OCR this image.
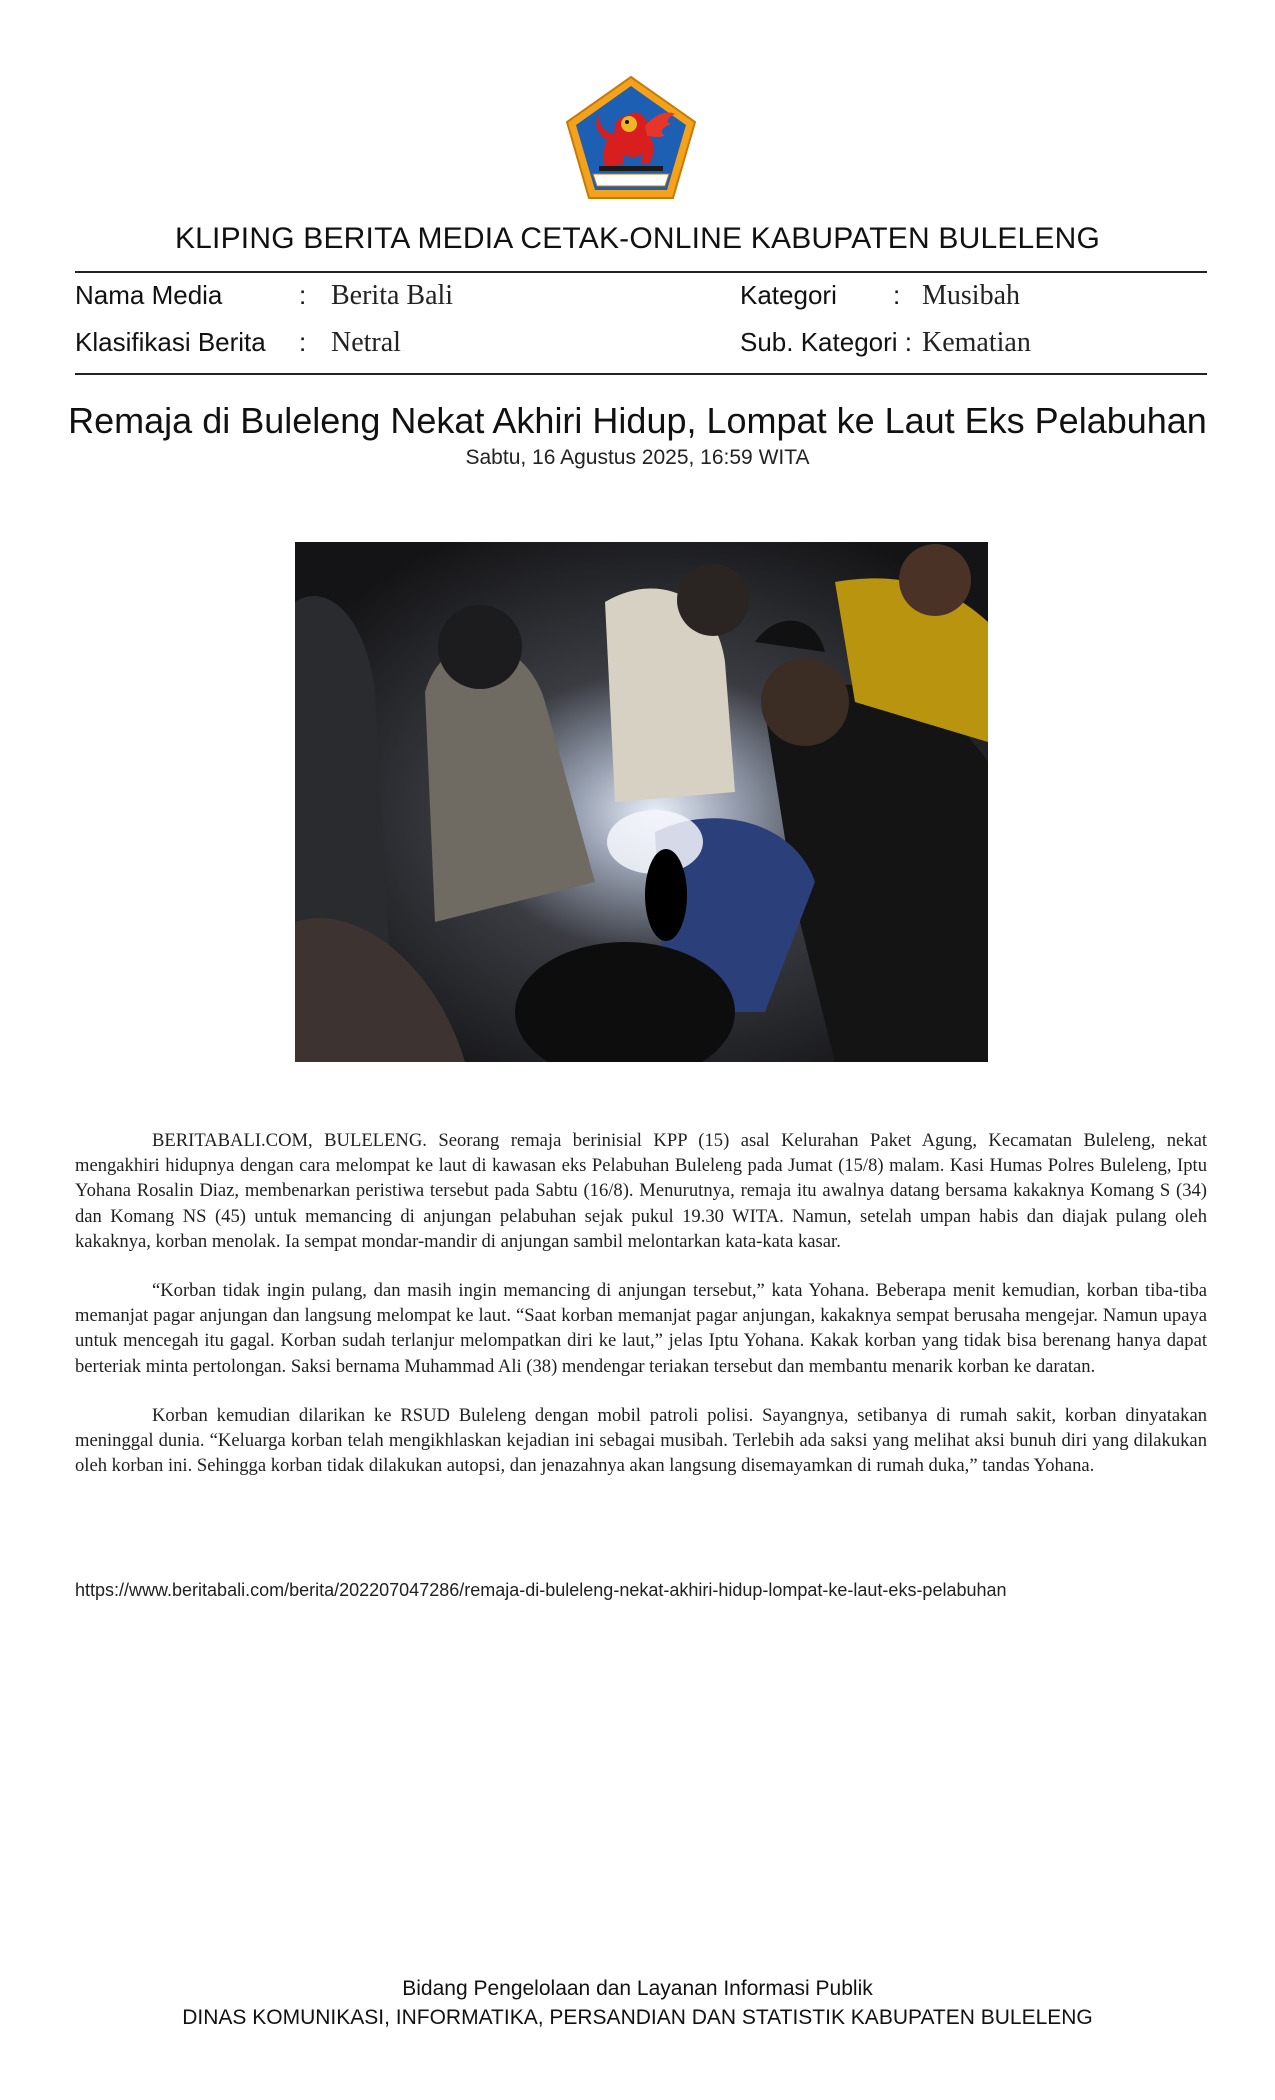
KLIPING BERITA MEDIA CETAK-ONLINE KABUPATEN BULELENG
Nama Media	: Berita Bali	Kategori : Musibah
Klasifikasi Berita : Netral	Sub. Kategori : Kematian
Remaja di Buleleng Nekat Akhiri Hidup, Lompat ke Laut Eks Pelabuhan
Sabtu, 16 Agustus 2025, 16:59 WITA

BERITABALI.COM, BULELENG. Seorang remaja berinisial KPP (15) asal Kelurahan Paket Agung, Kecamatan Buleleng, nekat mengakhiri hidupnya dengan cara melompat ke laut di kawasan eks Pelabuhan Buleleng pada Jumat (15/8) malam. Kasi Humas Polres Buleleng, Iptu Yohana Rosalin Diaz, membenarkan peristiwa tersebut pada Sabtu (16/8). Menurutnya, remaja itu awalnya datang bersama kakaknya Komang S (34) dan Komang NS (45) untuk memancing di anjungan pelabuhan sejak pukul 19.30 WITA. Namun, setelah umpan habis dan diajak pulang oleh kakaknya, korban menolak. Ia sempat mondar-mandir di anjungan sambil melontarkan kata-kata kasar.

“Korban tidak ingin pulang, dan masih ingin memancing di anjungan tersebut,” kata Yohana. Beberapa menit kemudian, korban tiba-tiba memanjat pagar anjungan dan langsung melompat ke laut. “Saat korban memanjat pagar anjungan, kakaknya sempat berusaha mengejar. Namun upaya untuk mencegah itu gagal. Korban sudah terlanjur melompatkan diri ke laut,” jelas Iptu Yohana. Kakak korban yang tidak bisa berenang hanya dapat berteriak minta pertolongan. Saksi bernama Muhammad Ali (38) mendengar teriakan tersebut dan membantu menarik korban ke daratan.

Korban kemudian dilarikan ke RSUD Buleleng dengan mobil patroli polisi. Sayangnya, setibanya di rumah sakit, korban dinyatakan meninggal dunia. “Keluarga korban telah mengikhlaskan kejadian ini sebagai musibah. Terlebih ada saksi yang melihat aksi bunuh diri yang dilakukan oleh korban ini. Sehingga korban tidak dilakukan autopsi, dan jenazahnya akan langsung disemayamkan di rumah duka,” tandas Yohana.

https://www.beritabali.com/berita/202207047286/remaja-di-buleleng-nekat-akhiri-hidup-lompat-ke-laut-eks-pelabuhan
Bidang Pengelolaan dan Layanan Informasi Publik
DINAS KOMUNIKASI, INFORMATIKA, PERSANDIAN DAN STATISTIK KABUPATEN BULELENG
